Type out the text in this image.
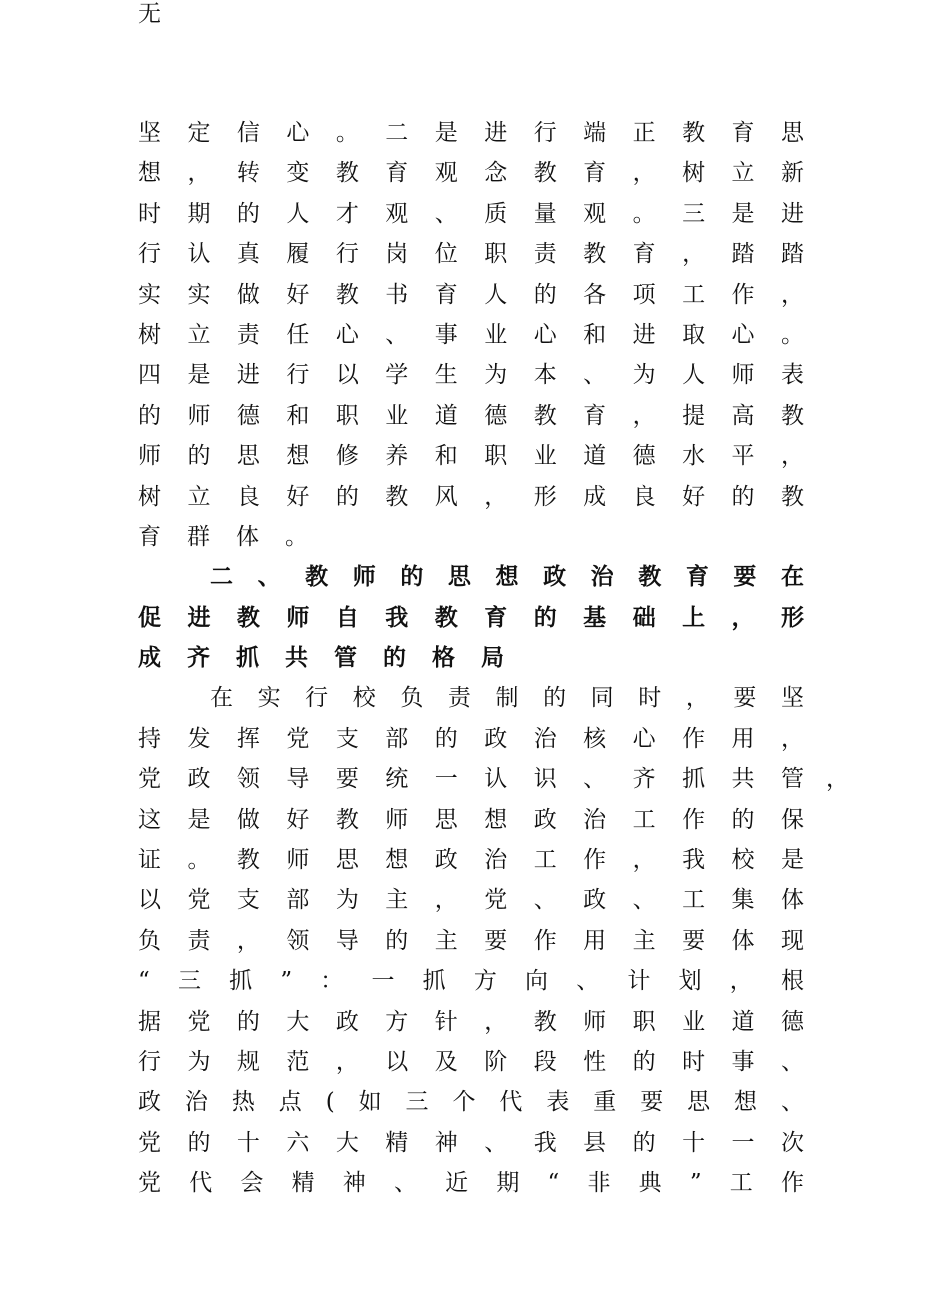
无
坚定信心。二是进行端正教育思
想，转变教育观念教育，树立新
时期的人才观、质量观。三是进
行认真履行岗位职责教育，踏踏
实实做好教书育人的各项工作，
树立责任心、事业心和进取心。
四是进行以学生为本、为人师表
的师德和职业道德教育，提高教
师的思想修养和职业道德水平，
树立良好的教风，形成良好的教
育群体。
二、教师的思想政治教育要在
促进教师自我教育的基础上，形
成齐抓共管的格局
在实行校负责制的同时，要坚
持发挥党支部的政治核心作用，
党政领导要统一认识、齐抓共管 ，
这是做好教师思想政治工作的保
证。教师思想政治工作，我校是
以党支部为主，党、政、工集体
负责，领导的主要作用主要体现
“三抓”：一抓方向、计划，根
据党的大政方针，教师职业道德
行为规范，以及阶段性的时事、
政治热点(如三个代表重要思想、
党的十六大精神、我县的十一次
党代会精神、近期“非典”工作
